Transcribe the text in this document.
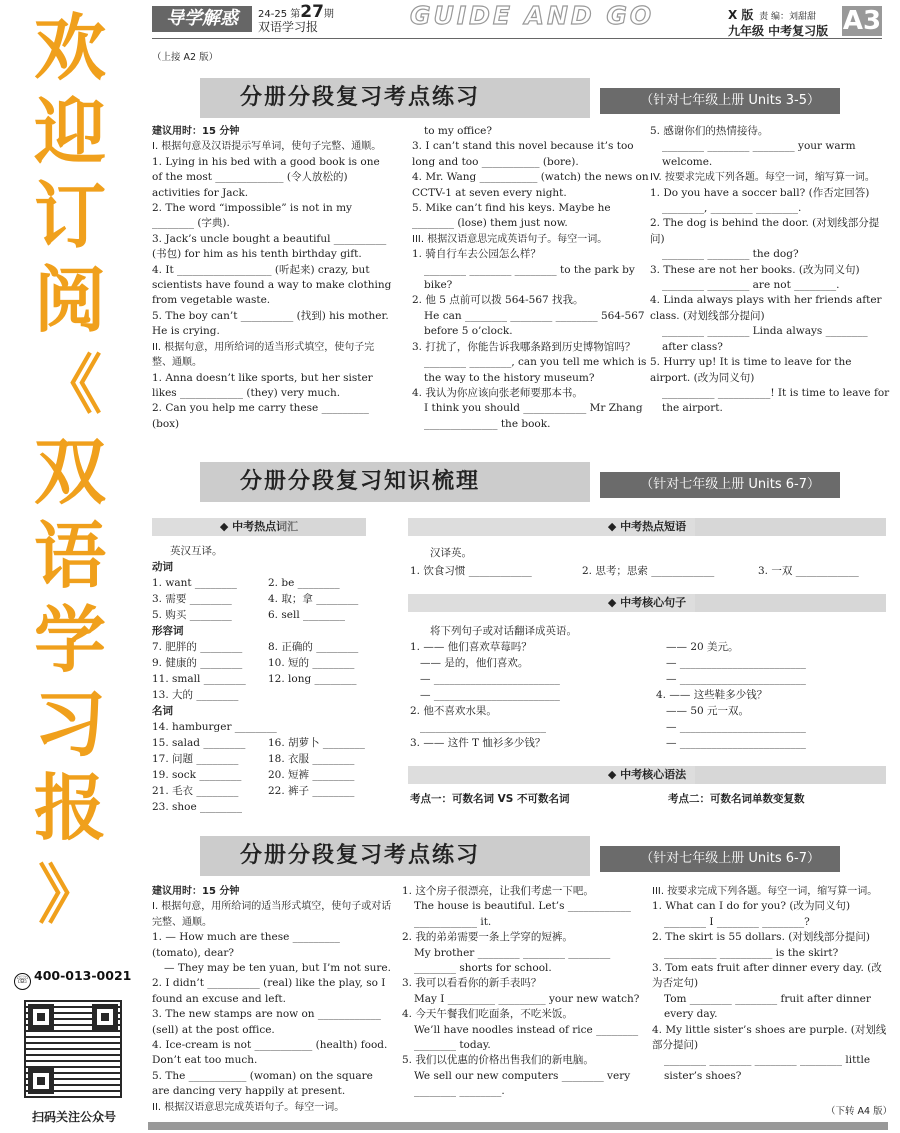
欢
迎
订
阅
《
双
语
学
习
报
》
☏ 400-013-0021
扫码关注公众号
导学解惑	24-25 第27期
双语学习报	GUIDE AND GO	X 版 责 编：刘甜甜
九年级 中考复习版 A3
（上接 A2 版）
分册分段复习考点练习	（针对七年级上册 Units 3-5）

建议用时：15 分钟

I. 根据句意及汉语提示写单词，使句子完整、通顺。

1. Lying in his bed with a good book is one of the most _____________ (令人放松的) activities for Jack.

2. The word “impossible” is not in my ________ (字典).

3. Jack’s uncle bought a beautiful __________ (书包) for him as his tenth birthday gift.

4. It __________________ (听起来) crazy, but scientists have found a way to make clothing from vegetable waste.

5. The boy can’t __________ (找到) his mother. He is crying.

II. 根据句意，用所给词的适当形式填空，使句子完整、通顺。

1. Anna doesn’t like sports, but her sister likes ____________ (they) very much.

2. Can you help me carry these _________ (box)

to my office?

3. I can’t stand this novel because it’s too long and too ___________ (bore).

4. Mr. Wang ___________ (watch) the news on CCTV-1 at seven every night.

5. Mike can’t find his keys. Maybe he ________ (lose) them just now.

III. 根据汉语意思完成英语句子。每空一词。

1. 骑自行车去公园怎么样？

________ ________ ________ to the park by bike?

2. 他 5 点前可以拨 564-567 找我。

He can ________ ________ ________ 564-567 before 5 o’clock.

3. 打扰了，你能告诉我哪条路到历史博物馆吗？

________ ________, can you tell me which is the way to the history museum?

4. 我认为你应该向张老师要那本书。

I think you should ____________ Mr Zhang ______________ the book.

5. 感谢你们的热情接待。

________ ________ ________ your warm welcome.

IV. 按要求完成下列各题。每空一词，缩写算一词。

1. Do you have a soccer ball? (作否定回答)

________, ________ ________.

2. The dog is behind the door. (对划线部分提问)

________ ________ the dog?

3. These are not her books. (改为同义句)

________ ________ are not ________.

4. Linda always plays with her friends after class. (对划线部分提问)

________ ________ Linda always ________ after class?

5. Hurry up! It is time to leave for the airport. (改为同义句)

__________ __________! It is time to leave for the airport.

分册分段复习知识梳理	（针对七年级上册 Units 6-7）
◆ 中考热点词汇	◆ 中考热点短语

英汉互译。

动词

1. want ________	2. be ________

3. 需要 ________	4. 取；拿 ________

5. 购买 ________	6. sell ________

形容词

7. 肥胖的 ________ 8. 正确的 ________

9. 健康的 ________ 10. 短的 ________

11. small ________ 12. long ________

13. 大的 ________

名词

14. hamburger ________

15. salad ________ 16. 胡萝卜 ________

17. 问题 ________	18. 衣服 ________

19. sock ________	20. 短裤 ________

21. 毛衣 ________	22. 裤子 ________

23. shoe ________

汉译英。

1. 饮食习惯 ____________	2. 思考；思索 ____________	3. 一双 ____________

◆ 中考核心句子

将下列句子或对话翻译成英语。

1. —— 他们喜欢草莓吗？

—— 是的，他们喜欢。

— ________________________

— ________________________

2. 他不喜欢水果。

________________________

3. —— 这件 T 恤衫多少钱？

—— 20 美元。

— ________________________

— ________________________

4. —— 这些鞋多少钱？

—— 50 元一双。

— ________________________

— ________________________

◆ 中考核心语法

考点一：可数名词 VS 不可数名词	考点二：可数名词单数变复数

分册分段复习考点练习	（针对七年级上册 Units 6-7）

建议用时：15 分钟

I. 根据句意，用所给词的适当形式填空，使句子或对话完整、通顺。

1. — How much are these _________ (tomato), dear?

— They may be ten yuan, but I’m not sure.

2. I didn’t __________ (real) like the play, so I found an excuse and left.

3. The new stamps are now on ____________ (sell) at the post office.

4. Ice-cream is not ___________ (health) food. Don’t eat too much.

5. The ___________ (woman) on the square are dancing very happily at present.

II. 根据汉语意思完成英语句子。每空一词。

1. 这个房子很漂亮，让我们考虑一下吧。

The house is beautiful. Let’s ____________ ____________ it.

2. 我的弟弟需要一条上学穿的短裤。

My brother ________ ________ ________ ________ shorts for school.

3. 我可以看看你的新手表吗？

May I _________ _________ your new watch?

4. 今天午餐我们吃面条，不吃米饭。

We’ll have noodles instead of rice ________ ________ today.

5. 我们以优惠的价格出售我们的新电脑。

We sell our new computers ________ very ________ ________.

III. 按要求完成下列各题。每空一词，缩写算一词。

1. What can I do for you? (改为同义句)

________ I ________ ________?

2. The skirt is 55 dollars. (对划线部分提问)

__________ __________ is the skirt?

3. Tom eats fruit after dinner every day. (改为否定句)

Tom ________ ________ fruit after dinner every day.

4. My little sister’s shoes are purple. (对划线部分提问)

________ ________ ________ ________ little sister’s shoes?

（下转 A4 版）
